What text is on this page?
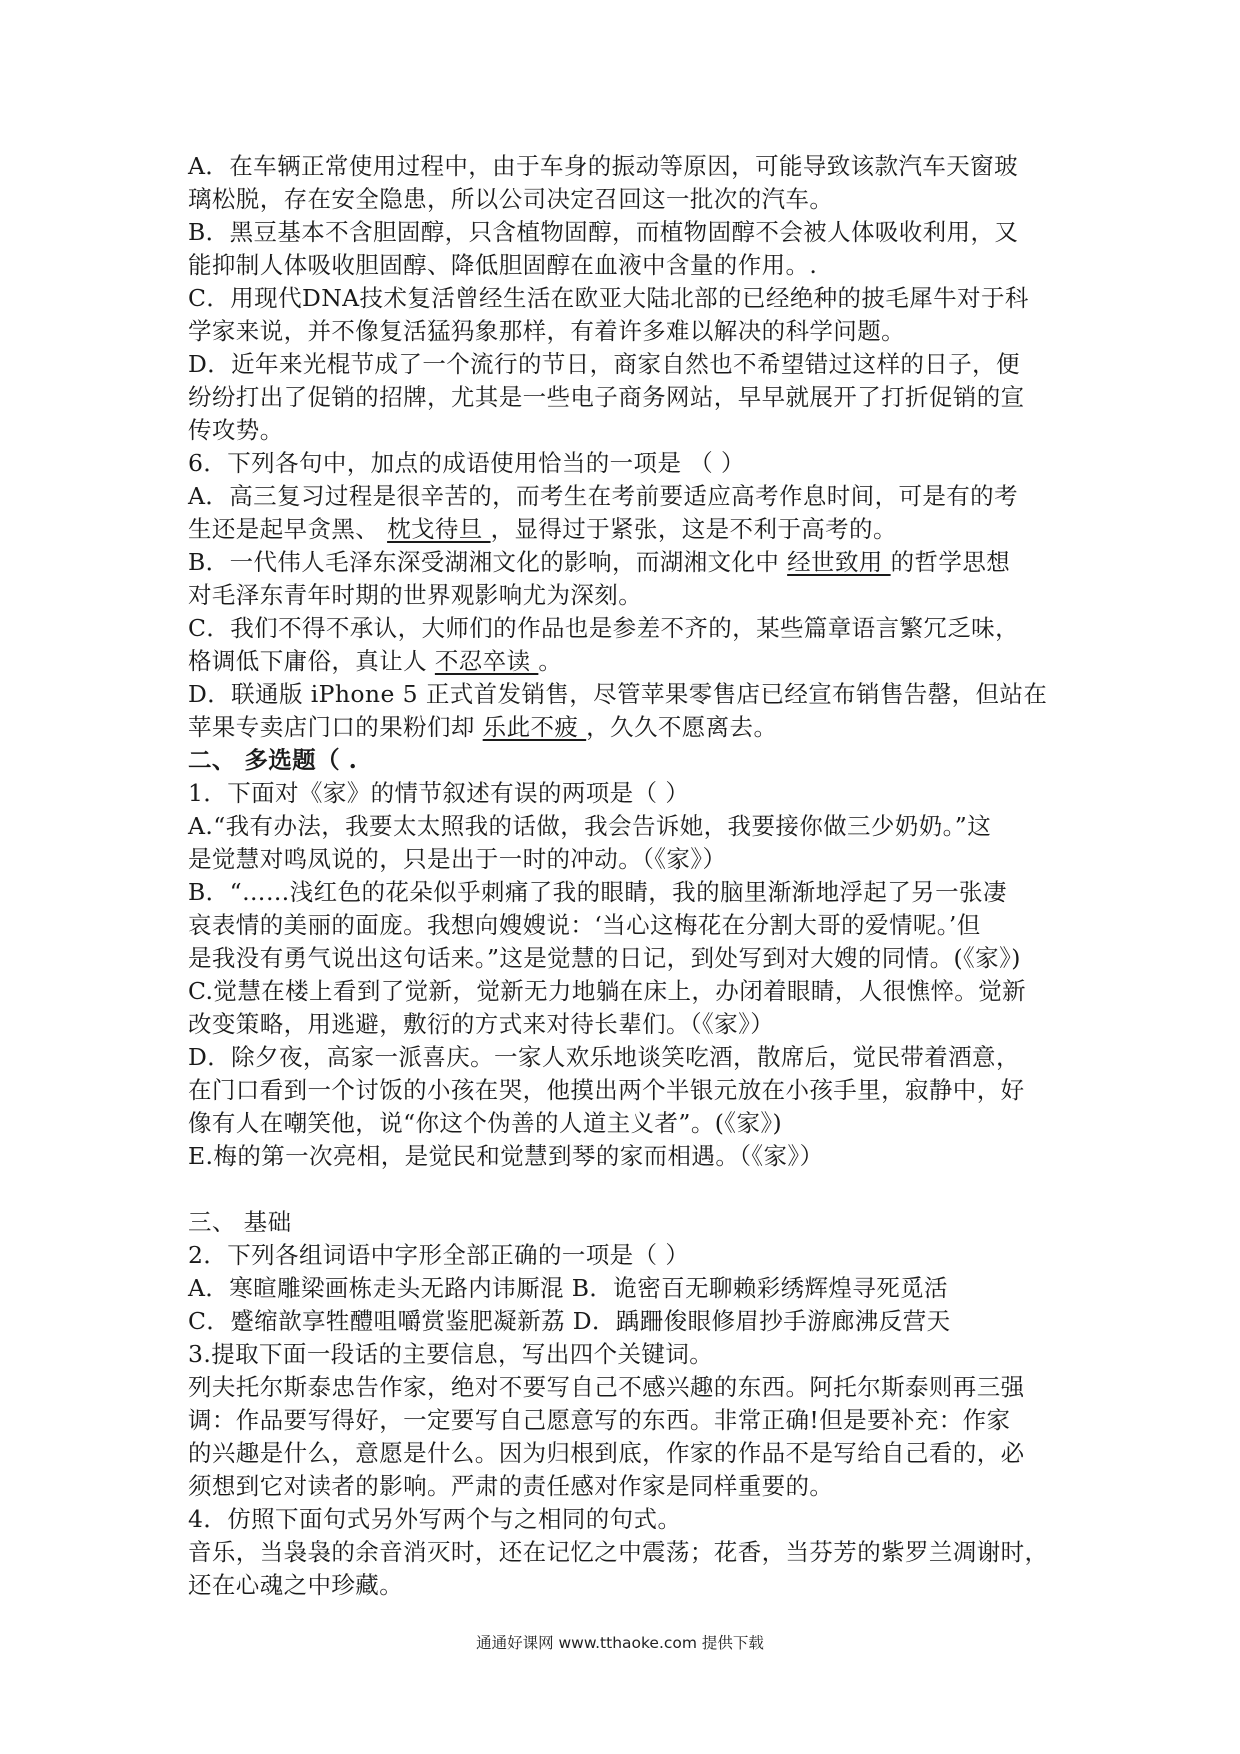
A．在车辆正常使用过程中，由于车身的振动等原因，可能导致该款汽车天窗玻

璃松脱，存在安全隐患，所以公司决定召回这一批次的汽车。

B．黑豆基本不含胆固醇，只含植物固醇，而植物固醇不会被人体吸收利用，又

能抑制人体吸收胆固醇、降低胆固醇在血液中含量的作用。.

C．用现代DNA技术复活曾经生活在欧亚大陆北部的已经绝种的披毛犀牛对于科

学家来说，并不像复活猛犸象那样，有着许多难以解决的科学问题。

D．近年来光棍节成了一个流行的节日，商家自然也不希望错过这样的日子，便

纷纷打出了促销的招牌，尤其是一些电子商务网站，早早就展开了打折促销的宣

传攻势。

6．下列各句中，加点的成语使用恰当的一项是 （ ）

A．高三复习过程是很辛苦的，而考生在考前要适应高考作息时间，可是有的考

生还是起早贪黑、 枕戈待旦 ，显得过于紧张，这是不利于高考的。

B．一代伟人毛泽东深受湖湘文化的影响，而湖湘文化中 经世致用 的哲学思想

对毛泽东青年时期的世界观影响尤为深刻。

C．我们不得不承认，大师们的作品也是参差不齐的，某些篇章语言繁冗乏味，

格调低下庸俗，真让人 不忍卒读 。

D．联通版 iPhone 5 正式首发销售，尽管苹果零售店已经宣布销售告罄，但站在

苹果专卖店门口的果粉们却 乐此不疲 ，久久不愿离去。

二、 多选题（ .

1．下面对《家》的情节叙述有误的两项是（ ）

A.“我有办法，我要太太照我的话做，我会告诉她，我要接你做三少奶奶。”这

是觉慧对鸣凤说的，只是出于一时的冲动。（《家》）

B．“……浅红色的花朵似乎刺痛了我的眼睛，我的脑里渐渐地浮起了另一张凄

哀表情的美丽的面庞。我想向嫂嫂说：‘当心这梅花在分割大哥的爱情呢。’但

是我没有勇气说出这句话来。”这是觉慧的日记，到处写到对大嫂的同情。(《家》)

C.觉慧在楼上看到了觉新，觉新无力地躺在床上，办闭着眼睛，人很憔悴。觉新

改变策略，用逃避，敷衍的方式来对待长辈们。（《家》）

D．除夕夜，高家一派喜庆。一家人欢乐地谈笑吃酒，散席后，觉民带着酒意，

在门口看到一个讨饭的小孩在哭，他摸出两个半银元放在小孩手里，寂静中，好

像有人在嘲笑他，说“你这个伪善的人道主义者”。(《家》)

E.梅的第一次亮相，是觉民和觉慧到琴的家而相遇。（《家》）

三、 基础

2．下列各组词语中字形全部正确的一项是（ ）

A．寒暄雕梁画栋走头无路内讳厮混 B．诡密百无聊赖彩绣辉煌寻死觅活

C．蹙缩歆享牲醴咀嚼赏鉴肥凝新荔 D．踽跚俊眼修眉抄手游廊沸反营天

3.提取下面一段话的主要信息，写出四个关键词。

列夫托尔斯泰忠告作家，绝对不要写自己不感兴趣的东西。阿托尔斯泰则再三强

调：作品要写得好，一定要写自己愿意写的东西。非常正确!但是要补充：作家

的兴趣是什么，意愿是什么。因为归根到底，作家的作品不是写给自己看的，必

须想到它对读者的影响。严肃的责任感对作家是同样重要的。

4．仿照下面句式另外写两个与之相同的句式。

音乐，当袅袅的余音消灭时，还在记忆之中震荡；花香，当芬芳的紫罗兰凋谢时，

还在心魂之中珍藏。

通通好课网 www.tthaoke.com 提供下载
